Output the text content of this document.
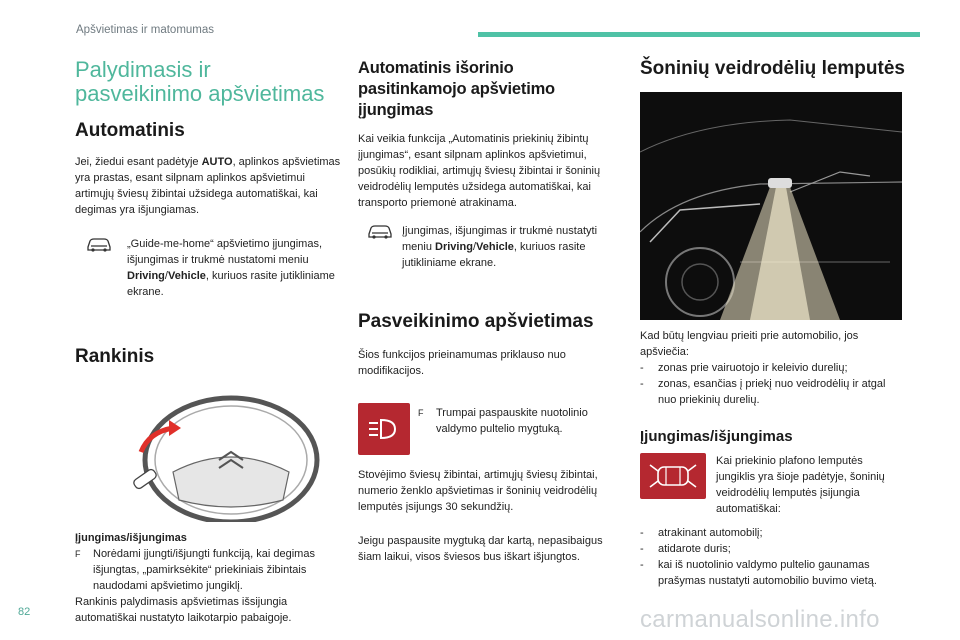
Apšvietimas ir matomumas
Palydimasis ir pasveikinimo apšvietimas
Automatinis

Jei, žiedui esant padėtyje AUTO, aplinkos apšvietimas yra prastas, esant silpnam aplinkos apšvietimui artimųjų šviesų žibintai užsidega automatiškai, kai degimas yra išjungiamas.

„Guide-me-home“ apšvietimo įjungimas, išjungimas ir trukmė nustatomi meniu Driving/Vehicle, kuriuos rasite jutikliniame ekrane.
Rankinis
Įjungimas/išjungimas
F	Norėdami įjungti/išjungti funkciją, kai degimas išjungtas, „pamirksėkite“ priekiniais žibintais naudodami apšvietimo jungiklį.

Rankinis palydimasis apšvietimas išsijungia automatiškai nustatyto laikotarpio pabaigoje.

Automatinis išorinio pasitinkamojo apšvietimo įjungimas

Kai veikia funkcija „Automatinis priekinių žibintų įjungimas“, esant silpnam aplinkos apšvietimui, posūkių rodikliai, artimųjų šviesų žibintai ir šoninių veidrodėlių lemputės užsidega automatiškai, kai transporto priemonė atrakinama.

Įjungimas, išjungimas ir trukmė nustatyti meniu Driving/Vehicle, kuriuos rasite jutikliniame ekrane.
Pasveikinimo apšvietimas

Šios funkcijos prieinamumas priklauso nuo modifikacijos.

F	Trumpai paspauskite nuotolinio valdymo pultelio mygtuką.

Stovėjimo šviesų žibintai, artimųjų šviesų žibintai, numerio ženklo apšvietimas ir šoninių veidrodėlių lemputės įsijungs 30 sekundžių.

Jeigu paspausite mygtuką dar kartą, nepasibaigus šiam laikui, visos šviesos bus iškart išjungtos.

Šoninių veidrodėlių lemputės

Kad būtų lengviau prieiti prie automobilio, jos apšviečia:

-	zonas prie vairuotojo ir keleivio durelių;
-	zonas, esančias į priekį nuo veidrodėlių ir atgal nuo priekinių durelių.
Įjungimas/išjungimas

Kai priekinio plafono lemputės jungiklis yra šioje padėtyje, šoninių veidrodėlių lemputės įsijungia automatiškai:

-	atrakinant automobilį;
-	atidarote duris;
-	kai iš nuotolinio valdymo pultelio gaunamas prašymas nustatyti automobilio buvimo vietą.
82	carmanualsonline.info
